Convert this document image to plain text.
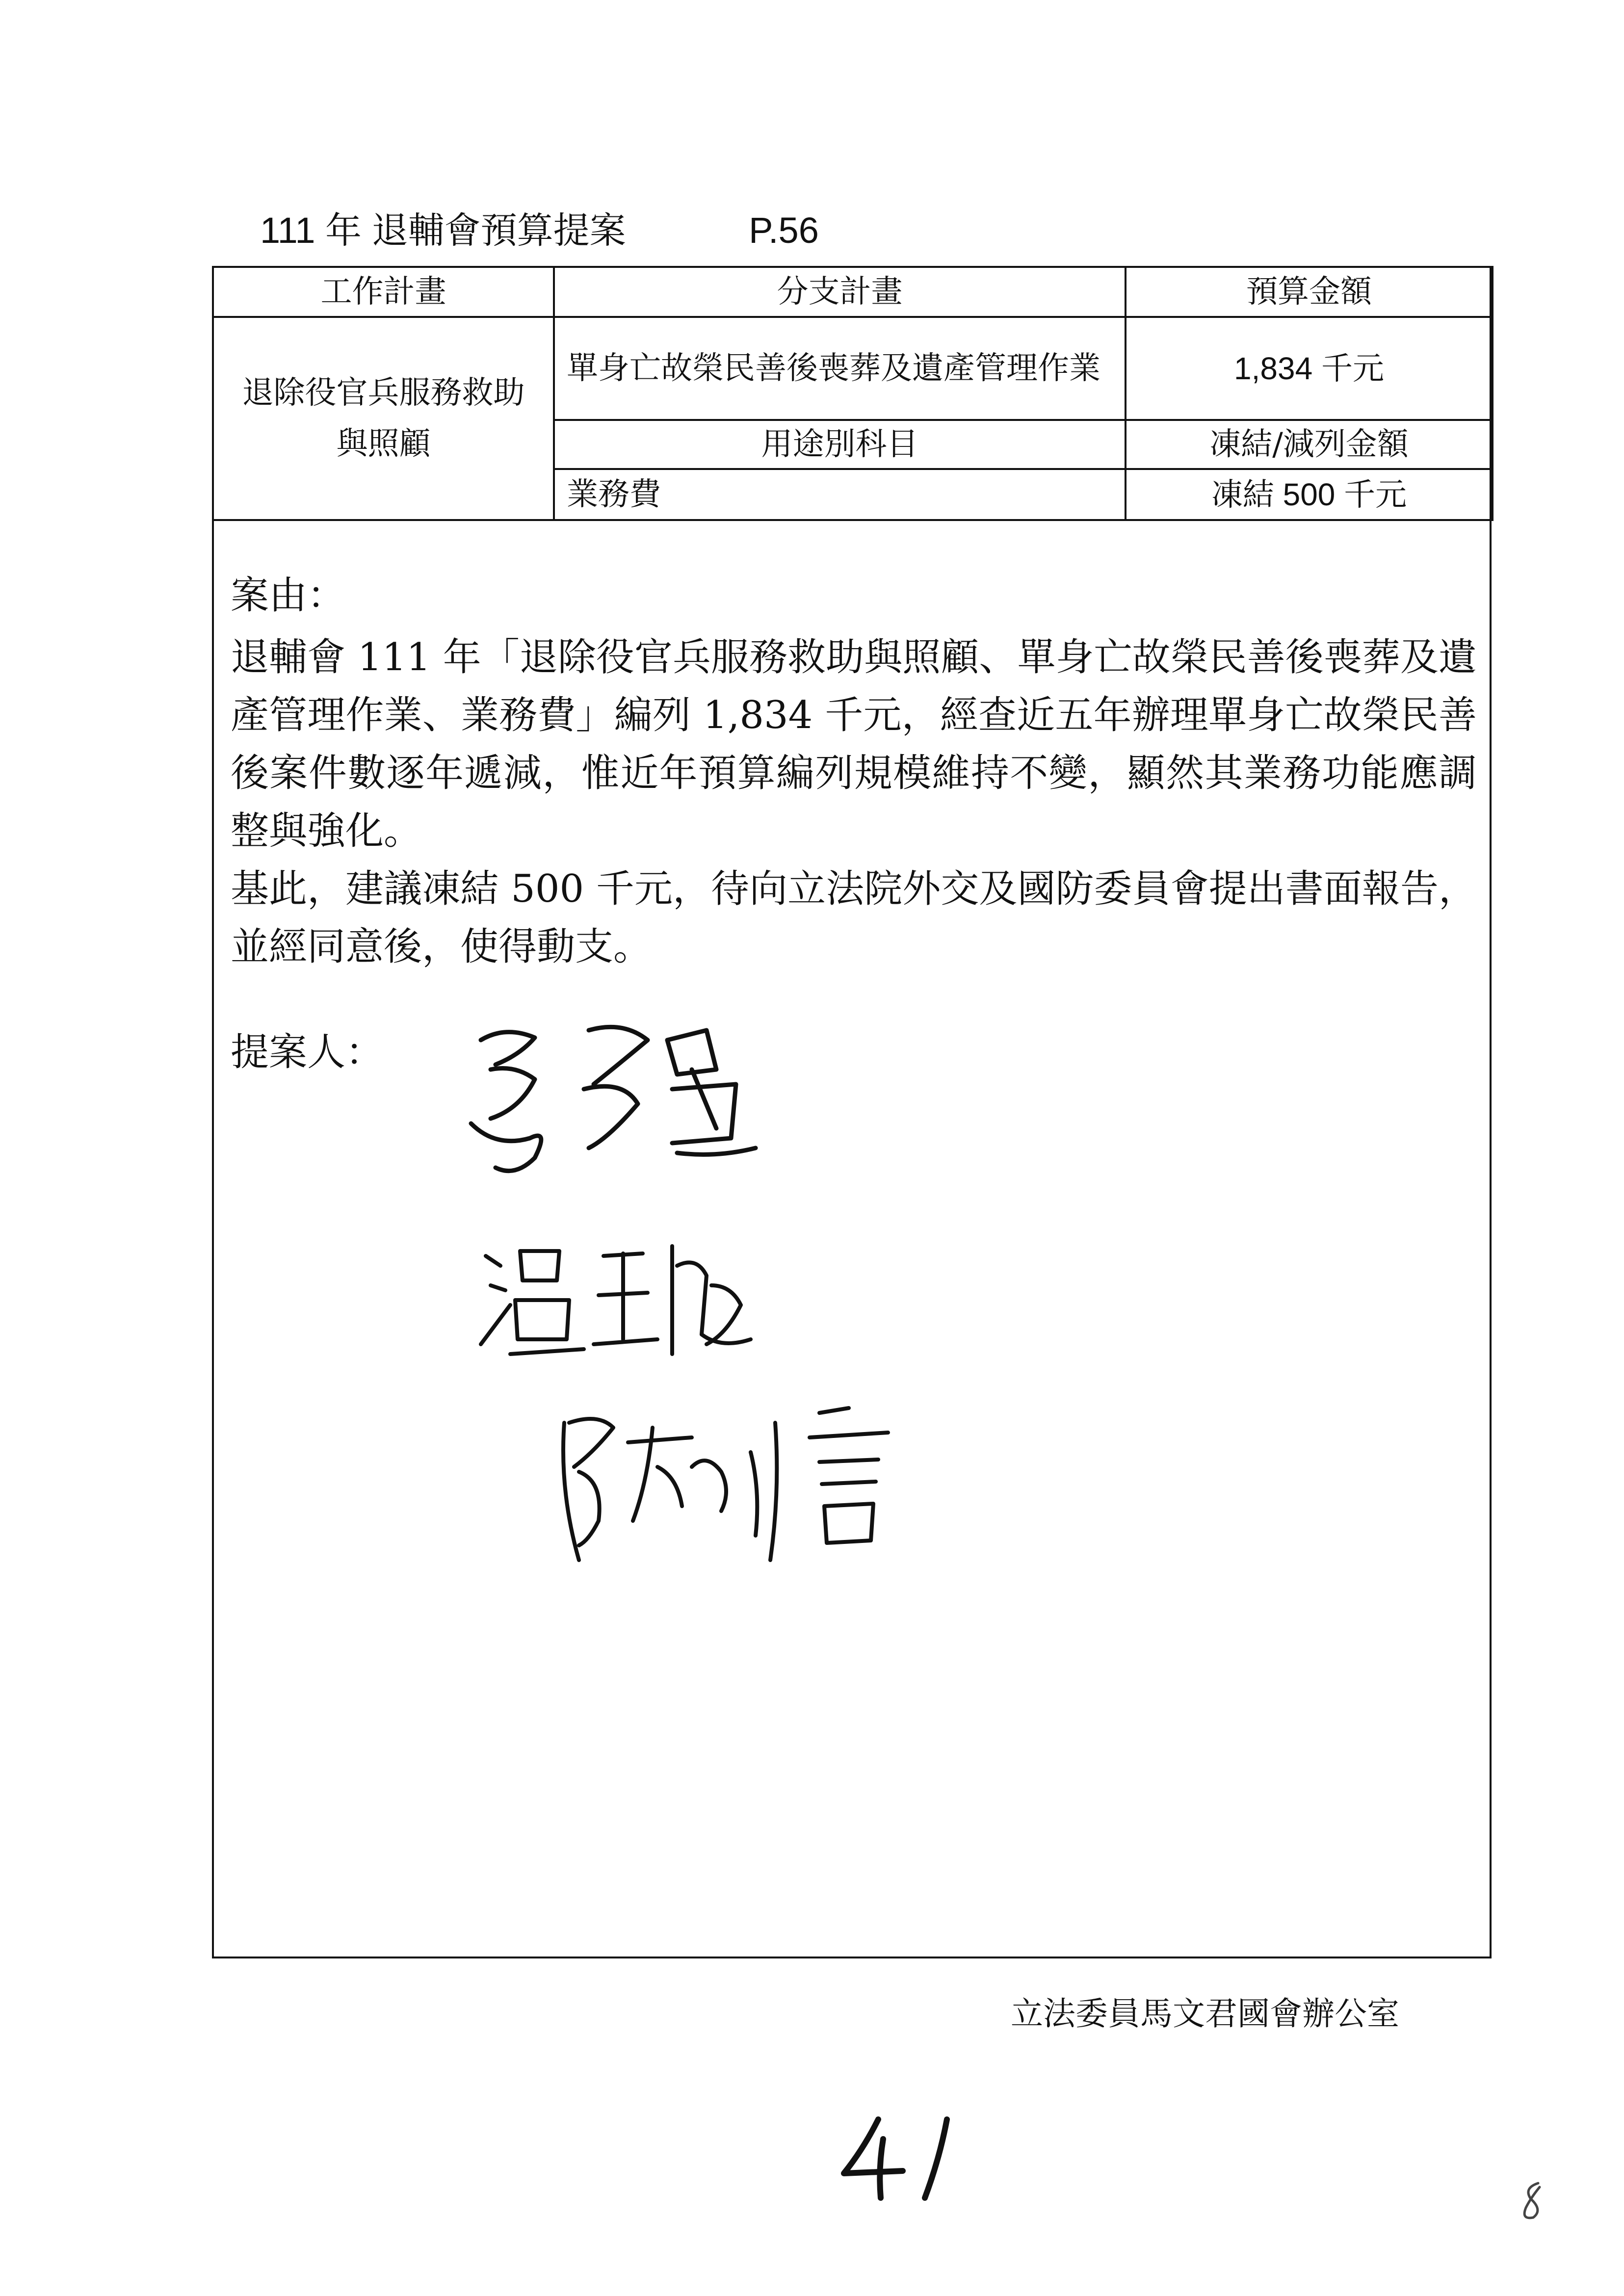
111 年 退輔會預算提案	P.56
工作計畫	分支計畫	預算金額
退除役官兵服務救助與照顧	單身亡故榮民善後喪葬及遺產管理作業	1,834 千元
	用途別科目	凍結/減列金額
	業務費	凍結 500 千元

案由：

退輔會 111 年「退除役官兵服務救助與照顧、單身亡故榮民善後喪葬及遺產管理作業、業務費」編列 1,834 千元，經查近五年辦理單身亡故榮民善後案件數逐年遞減，惟近年預算編列規模維持不變，顯然其業務功能應調整與強化。

基此，建議凍結 500 千元，待向立法院外交及國防委員會提出書面報告，並經同意後，使得動支。

提案人：
立法委員馬文君國會辦公室
